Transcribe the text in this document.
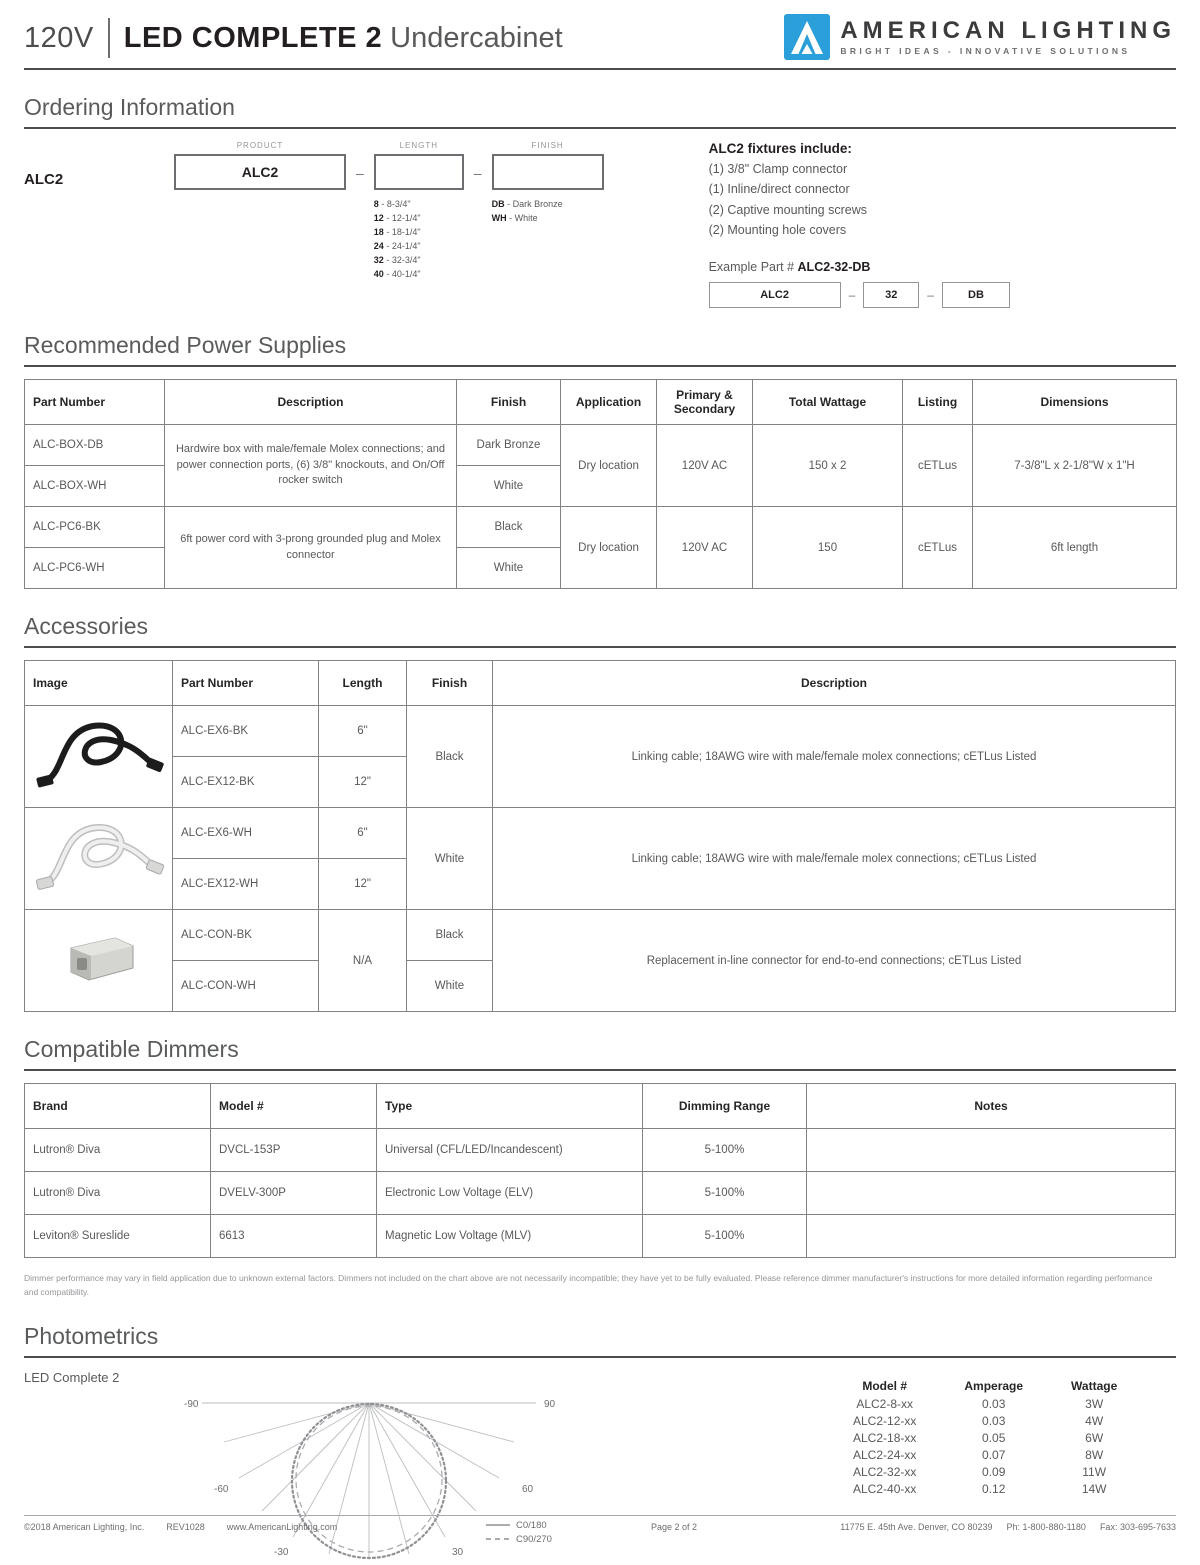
120V LED COMPLETE 2 Undercabinet	AMERICAN LIGHTING
BRIGHT IDEAS - INNOVATIVE SOLUTIONS
Ordering Information
ALC2
PRODUCT
ALC2	–
LENGTH
8 - 8-3/4"
12 - 12-1/4"
18 - 18-1/4"
24 - 24-1/4"
32 - 32-3/4"
40 - 40-1/4"
–
FINISH
DB - Dark Bronze
WH - White
ALC2 fixtures include:
(1) 3/8" Clamp connector
(1) Inline/direct connector
(2) Captive mounting screws
(2) Mounting hole covers
Example Part # ALC2-32-DB
ALC2	–	32	–	DB
Recommended Power Supplies
Part Number	Description	Finish	Application	Primary & Secondary	Total Wattage	Listing	Dimensions
ALC-BOX-DB	Hardwire box with male/female Molex connections; and power connection ports, (6) 3/8" knockouts, and On/Off rocker switch	Dark Bronze	Dry location	120V AC	150 x 2	cETLus	7-3/8"L x 2-1/8"W x 1"H
ALC-BOX-WH		White					
ALC-PC6-BK	6ft power cord with 3-prong grounded plug and Molex connector	Black	Dry location	120V AC	150	cETLus	6ft length
ALC-PC6-WH		White					
Accessories
Image	Part Number	Length	Finish	Description
	ALC-EX6-BK	6"	Black	Linking cable; 18AWG wire with male/female molex connections; cETLus Listed
	ALC-EX12-BK	12"		
	ALC-EX6-WH	6"	White	Linking cable; 18AWG wire with male/female molex connections; cETLus Listed
	ALC-EX12-WH	12"		
	ALC-CON-BK	N/A	Black	Replacement in-line connector for end-to-end connections; cETLus Listed
	ALC-CON-WH		White	
Compatible Dimmers
Brand	Model #	Type	Dimming Range	Notes
Lutron® Diva	DVCL-153P	Universal (CFL/LED/Incandescent)	5-100%	
Lutron® Diva	DVELV-300P	Electronic Low Voltage (ELV)	5-100%	
Leviton® Sureslide	6613	Magnetic Low Voltage (MLV)	5-100%	
Dimmer performance may vary in field application due to unknown external factors. Dimmers not included on the chart above are not necessarily incompatible; they have yet to be fully evaluated. Please reference dimmer manufacturer's instructions for more detailed information regarding performance and compatibility.
Photometrics
LED Complete 2
-90	90
-60	60
-30	30
C0/180
C90/270
Model #	Amperage	Wattage
ALC2-8-xx	0.03	3W
ALC2-12-xx	0.03	4W
ALC2-18-xx	0.05	6W
ALC2-24-xx	0.07	8W
ALC2-32-xx	0.09	11W
ALC2-40-xx	0.12	14W
©2018 American Lighting, Inc. REV1028 www.AmericanLighting.com	Page 2 of 2	11775 E. 45th Ave. Denver, CO 80239 Ph: 1-800-880-1180 Fax: 303-695-7633
